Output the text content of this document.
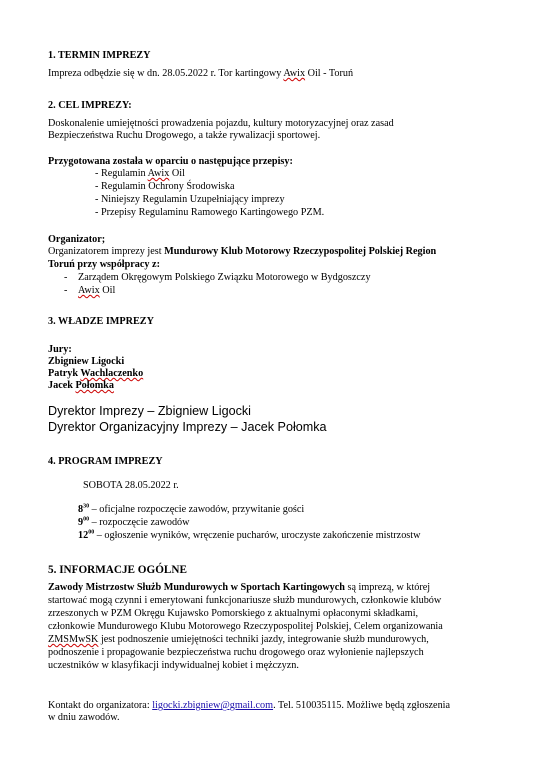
1. TERMIN IMPREZY
Impreza odbędzie się w dn. 28.05.2022 r. Tor kartingowy Awix Oil - Toruń
2. CEL IMPREZY:
Doskonalenie umiejętności prowadzenia pojazdu, kultury motoryzacyjnej oraz zasad
Bezpieczeństwa Ruchu Drogowego, a także rywalizacji sportowej.
Przygotowana została w oparciu o następujące przepisy:
- Regulamin Awix Oil
- Regulamin Ochrony Środowiska
- Niniejszy Regulamin Uzupełniający imprezy
- Przepisy Regulaminu Ramowego Kartingowego PZM.
Organizator;
Organizatorem imprezy jest Mundurowy Klub Motorowy Rzeczypospolitej Polskiej Region
Toruń przy współpracy z:
- Zarządem Okręgowym Polskiego Związku Motorowego w Bydgoszczy
- Awix Oil
3. WŁADZE IMPREZY
Jury:
Zbigniew Ligocki
Patryk Wachlaczenko
Jacek Połomka
Dyrektor Imprezy – Zbigniew Ligocki
Dyrektor Organizacyjny Imprezy – Jacek Połomka
4. PROGRAM IMPREZY
SOBOTA 28.05.2022 r.
$8^{30}$ – oficjalne rozpoczęcie zawodów, przywitanie gości
$9^{00}$ – rozpoczęcie zawodów
$12^{00}$ – ogłoszenie wyników, wręczenie pucharów, uroczyste zakończenie mistrzostw
5. INFORMACJE OGÓLNE
Zawody Mistrzostw Służb Mundurowych w Sportach Kartingowych są imprezą, w której
startować mogą czynni i emerytowani funkcjonariusze służb mundurowych, członkowie klubów
zrzeszonych w PZM Okręgu Kujawsko Pomorskiego z aktualnymi opłaconymi składkami,
członkowie Mundurowego Klubu Motorowego Rzeczypospolitej Polskiej, Celem organizowania
ZMSMwSK jest podnoszenie umiejętności techniki jazdy, integrowanie służb mundurowych,
podnoszenie i propagowanie bezpieczeństwa ruchu drogowego oraz wyłonienie najlepszych
uczestników w klasyfikacji indywidualnej kobiet i mężczyzn.
Kontakt do organizatora: ligocki.zbigniew@gmail.com. Tel. 510035115. Możliwe będą zgłoszenia
w dniu zawodów.
